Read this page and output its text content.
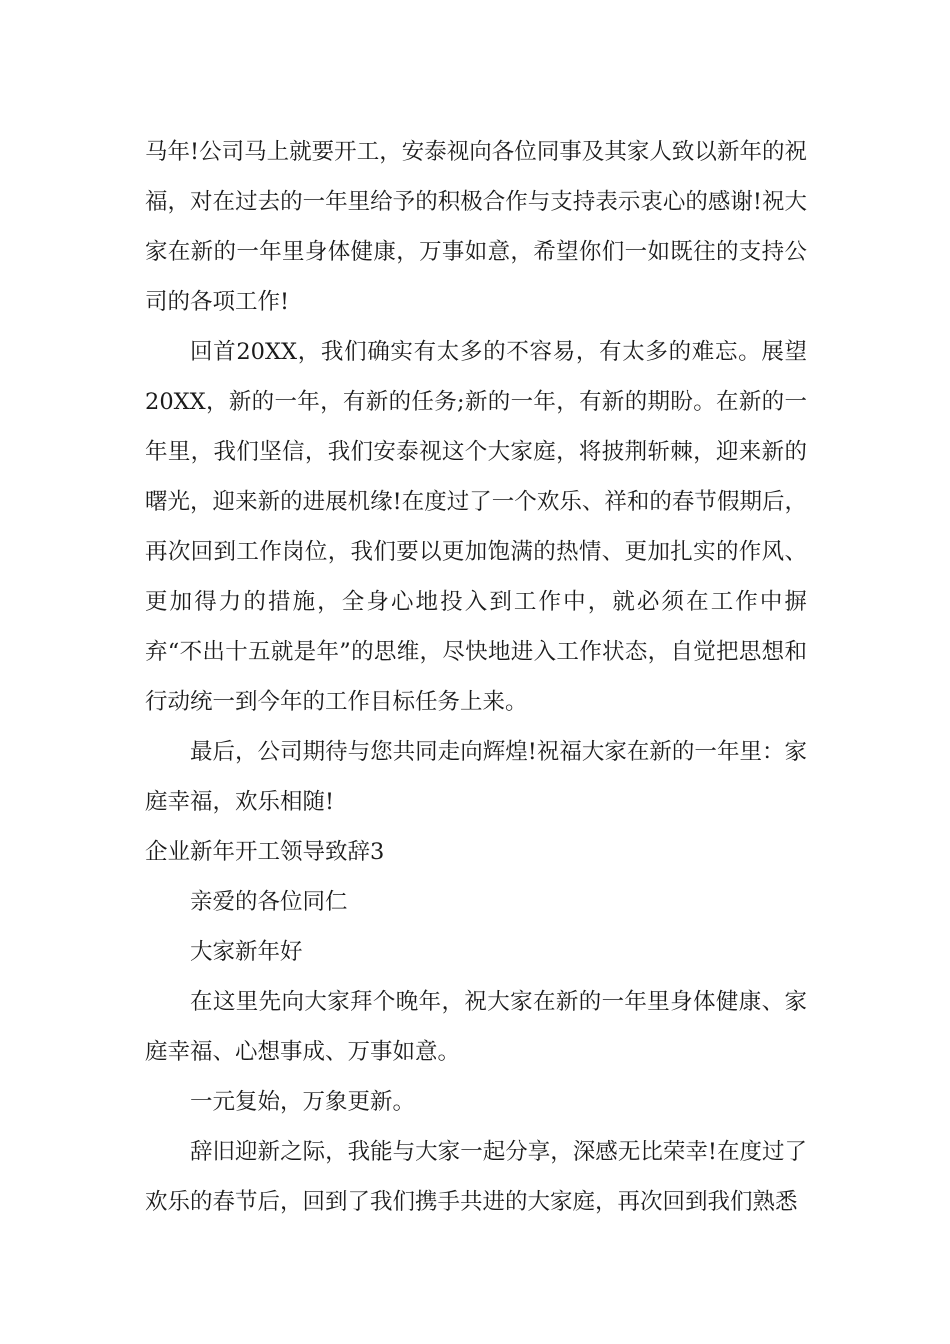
马年!公司马上就要开工，安泰视向各位同事及其家人致以新年的祝福，对在过去的一年里给予的积极合作与支持表示衷心的感谢!祝大家在新的一年里身体健康，万事如意，希望你们一如既往的支持公司的各项工作!

回首20XX，我们确实有太多的不容易，有太多的难忘。展望20XX，新的一年，有新的任务;新的一年，有新的期盼。在新的一年里，我们坚信，我们安泰视这个大家庭，将披荆斩棘，迎来新的曙光，迎来新的进展机缘!在度过了一个欢乐、祥和的春节假期后，再次回到工作岗位，我们要以更加饱满的热情、更加扎实的作风、更加得力的措施，全身心地投入到工作中，就必须在工作中摒弃“不出十五就是年”的思维，尽快地进入工作状态，自觉把思想和行动统一到今年的工作目标任务上来。

最后，公司期待与您共同走向辉煌!祝福大家在新的一年里：家庭幸福，欢乐相随!

企业新年开工领导致辞3

亲爱的各位同仁

大家新年好

在这里先向大家拜个晚年，祝大家在新的一年里身体健康、家庭幸福、心想事成、万事如意。

一元复始，万象更新。

辞旧迎新之际，我能与大家一起分享，深感无比荣幸!在度过了欢乐的春节后，回到了我们携手共进的大家庭，再次回到我们熟悉
